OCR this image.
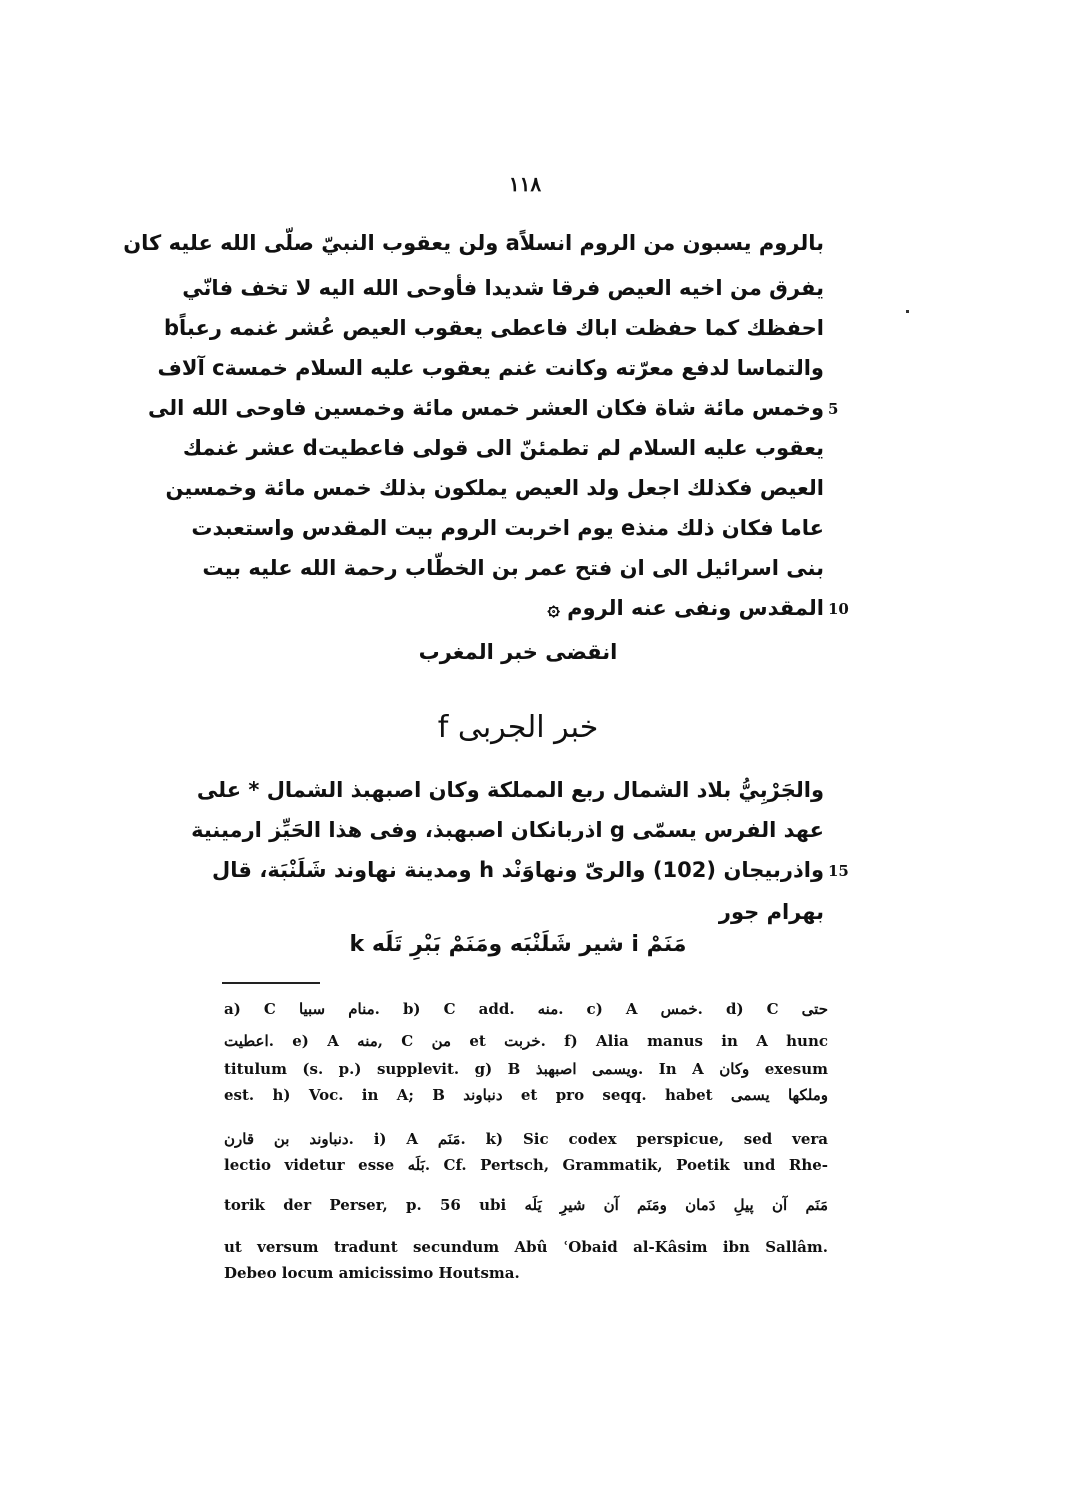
١١٨
بالروم يسبون من الروم انسلاًa ولن يعقوب النبيّ صلّى الله عليه كان
يفرق من اخيه العيص فرقا شديدا فأوحى الله اليه لا تخف فانّي
احفظك كما حفظت اباك فاعطى يعقوب العيص عُشر غنمه رعباًb
والتماسا لدفع معرّته وكانت غنم يعقوب عليه السلام خمسةc آلاف
وخمس مائة شاة فكان العشر خمس مائة وخمسين فاوحى الله الى 5
يعقوب عليه السلام لم تطمئنّ الى قولى فاعطيتd عشر غنمك
العيص فكذلك اجعل ولد العيص يملكون بذلك خمس مائة وخمسين
عاما فكان ذلك منذe يوم اخربت الروم بيت المقدس واستعبدت
بنى اسرائيل الى ان فتح عمر بن الخطّاب رحمة الله عليه بيت
المقدس ونفى عنه الروم ۞ 10
انقضى خبر المغرب
خبر الجربى f
والجَرْبِيُّ بلاد الشمال ربع المملكة وكان اصبهبذ الشمال * على
عهد الفرس يسمّى g اذربانكان اصبهبذ، وفى هذا الحَيِّز ارمينية
واذربيجان (102) والرىّ ونهاوَنْد h ومدينة نهاوند شَلَنْبَة، قال 15
بهرام جور
مَنَمْ i شير شَلَنْبَه ومَنَمْ بَبْرِ تَلَه k
a) C منام سبيا. b) C add. منه. c) A خمس. d) C حتى
اعطيت. e) A منه, C من et خربت. f) Alia manus in A hunc
titulum (s. p.) supplevit. g) B ويسمى اصبهبذ. In A وكان exesum
est. h) Voc. in A; B دنباوند et pro seqq. habet وملكها يسمى
دنباوند بن قارن. i) A مَنَم. k) Sic codex perspicue, sed vera
lectio videtur esse بَلَه. Cf. Pertsch, Grammatik, Poetik und Rhe-
torik der Perser, p. 56 ubi مَنَم آن پیلِ دَمان ومَنَم آن شیرِ یَلَه
ut versum tradunt secundum Abû ʿObaid al-Kâsim ibn Sallâm.
Debeo locum amicissimo Houtsma.
